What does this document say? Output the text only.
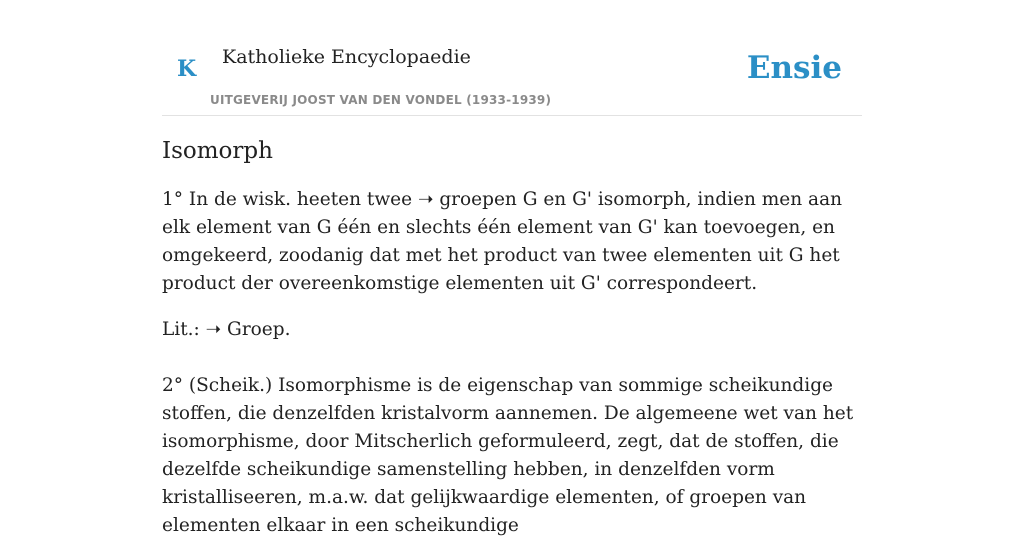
K Katholieke Encyclopaedie
UITGEVERIJ JOOST VAN DEN VONDEL (1933-1939)
Ensie
Isomorph

1° In de wisk. heeten twee ➝ groepen G en G' isomorph, indien men aan elk element van G één en slechts één element van G' kan toevoegen, en omgekeerd, zoodanig dat met het product van twee elementen uit G het product der overeenkomstige elementen uit G' correspondeert.

Lit.: ➝ Groep.

2° (Scheik.) Isomorphisme is de eigenschap van sommige scheikundige stoffen, die denzelfden kristalvorm aannemen. De algemeene wet van het isomorphisme, door Mitscherlich geformuleerd, zegt, dat de stoffen, die dezelfde scheikundige samenstelling hebben, in denzelfden vorm kristalliseeren, m.a.w. dat gelijkwaardige elementen, of groepen van elementen elkaar in een scheikundige
